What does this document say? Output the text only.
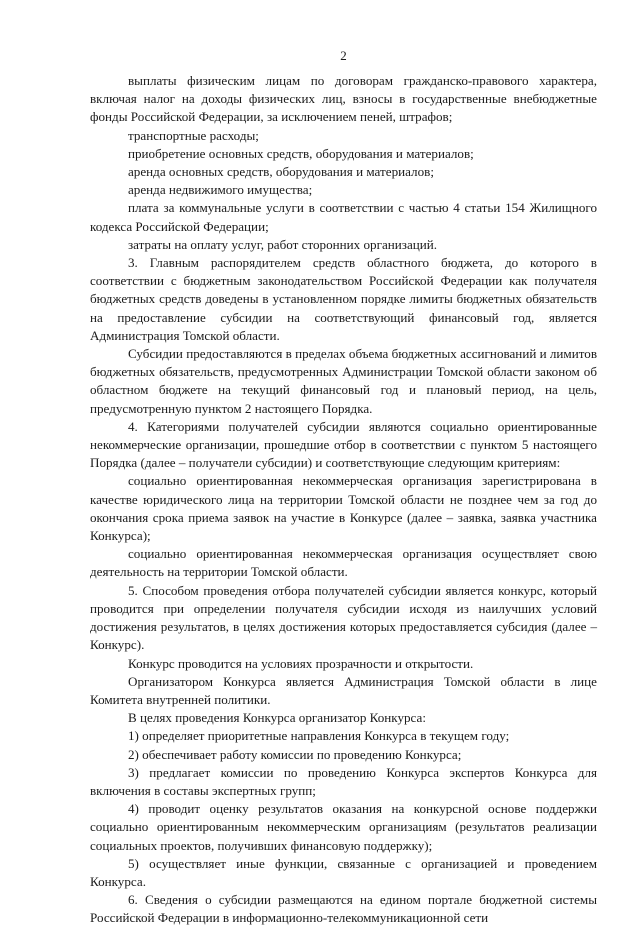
2

выплаты физическим лицам по договорам гражданско-правового характера, включая налог на доходы физических лиц, взносы в государственные внебюджетные фонды Российской Федерации, за исключением пеней, штрафов;

транспортные расходы;

приобретение основных средств, оборудования и материалов;

аренда основных средств, оборудования и материалов;

аренда недвижимого имущества;

плата за коммунальные услуги в соответствии с частью 4 статьи 154 Жилищного кодекса Российской Федерации;

затраты на оплату услуг, работ сторонних организаций.

3. Главным распорядителем средств областного бюджета, до которого в соответствии с бюджетным законодательством Российской Федерации как получателя бюджетных средств доведены в установленном порядке лимиты бюджетных обязательств на предоставление субсидии на соответствующий финансовый год, является Администрация Томской области.

Субсидии предоставляются в пределах объема бюджетных ассигнований и лимитов бюджетных обязательств, предусмотренных Администрации Томской области законом об областном бюджете на текущий финансовый год и плановый период, на цель, предусмотренную пунктом 2 настоящего Порядка.

4. Категориями получателей субсидии являются социально ориентированные некоммерческие организации, прошедшие отбор в соответствии с пунктом 5 настоящего Порядка (далее – получатели субсидии) и соответствующие следующим критериям:

социально ориентированная некоммерческая организация зарегистрирована в качестве юридического лица на территории Томской области не позднее чем за год до окончания срока приема заявок на участие в Конкурсе (далее – заявка, заявка участника Конкурса);

социально ориентированная некоммерческая организация осуществляет свою деятельность на территории Томской области.

5. Способом проведения отбора получателей субсидии является конкурс, который проводится при определении получателя субсидии исходя из наилучших условий достижения результатов, в целях достижения которых предоставляется субсидия (далее – Конкурс).

Конкурс проводится на условиях прозрачности и открытости.

Организатором Конкурса является Администрация Томской области в лице Комитета внутренней политики.

В целях проведения Конкурса организатор Конкурса:

1) определяет приоритетные направления Конкурса в текущем году;

2) обеспечивает работу комиссии по проведению Конкурса;

3) предлагает комиссии по проведению Конкурса экспертов Конкурса для включения в составы экспертных групп;

4) проводит оценку результатов оказания на конкурсной основе поддержки социально ориентированным некоммерческим организациям (результатов реализации социальных проектов, получивших финансовую поддержку);

5) осуществляет иные функции, связанные с организацией и проведением Конкурса.

6. Сведения о субсидии размещаются на едином портале бюджетной системы Российской Федерации в информационно-телекоммуникационной сети
